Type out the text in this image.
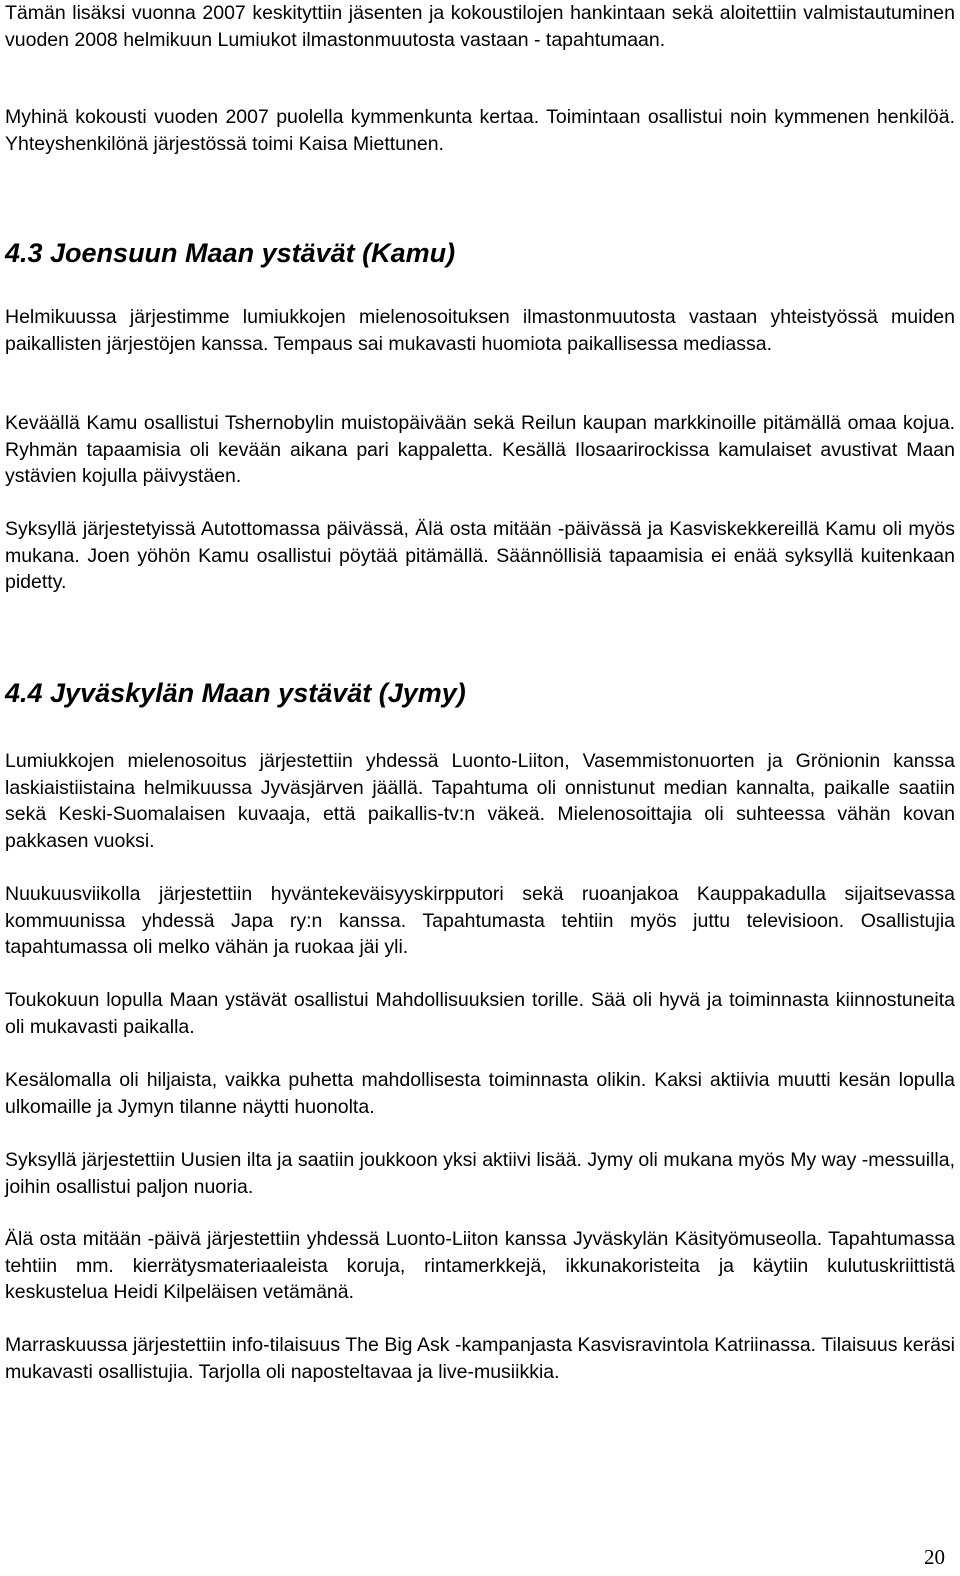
Tämän lisäksi vuonna 2007 keskityttiin jäsenten ja kokoustilojen hankintaan sekä aloitettiin valmistautuminen vuoden 2008 helmikuun Lumiukot ilmastonmuutosta vastaan - tapahtumaan.

Myhinä kokousti vuoden 2007 puolella kymmenkunta kertaa. Toimintaan osallistui noin kymmenen henkilöä. Yhteyshenkilönä järjestössä toimi Kaisa Miettunen.

4.3 Joensuun Maan ystävät (Kamu)

Helmikuussa järjestimme lumiukkojen mielenosoituksen ilmastonmuutosta vastaan yhteistyössä muiden paikallisten järjestöjen kanssa. Tempaus sai mukavasti huomiota paikallisessa mediassa.

Keväällä Kamu osallistui Tshernobylin muistopäivään sekä Reilun kaupan markkinoille pitämällä omaa kojua. Ryhmän tapaamisia oli kevään aikana pari kappaletta. Kesällä Ilosaarirockissa kamulaiset avustivat Maan ystävien kojulla päivystäen.

Syksyllä järjestetyissä Autottomassa päivässä, Älä osta mitään -päivässä ja Kasviskekkereillä Kamu oli myös mukana. Joen yöhön Kamu osallistui pöytää pitämällä. Säännöllisiä tapaamisia ei enää syksyllä kuitenkaan pidetty.

4.4 Jyväskylän Maan ystävät (Jymy)

Lumiukkojen mielenosoitus järjestettiin yhdessä Luonto-Liiton, Vasemmistonuorten ja Grönionin kanssa laskiaistiistaina helmikuussa Jyväsjärven jäällä. Tapahtuma oli onnistunut median kannalta, paikalle saatiin sekä Keski-Suomalaisen kuvaaja, että paikallis-tv:n väkeä. Mielenosoittajia oli suhteessa vähän kovan pakkasen vuoksi.

Nuukuusviikolla järjestettiin hyväntekeväisyyskirpputori sekä ruoanjakoa Kauppakadulla sijaitsevassa kommuunissa yhdessä Japa ry:n kanssa. Tapahtumasta tehtiin myös juttu televisioon. Osallistujia tapahtumassa oli melko vähän ja ruokaa jäi yli.

Toukokuun lopulla Maan ystävät osallistui Mahdollisuuksien torille. Sää oli hyvä ja toiminnasta kiinnostuneita oli mukavasti paikalla.

Kesälomalla oli hiljaista, vaikka puhetta mahdollisesta toiminnasta olikin. Kaksi aktiivia muutti kesän lopulla ulkomaille ja Jymyn tilanne näytti huonolta.

Syksyllä järjestettiin Uusien ilta ja saatiin joukkoon yksi aktiivi lisää. Jymy oli mukana myös My way -messuilla, joihin osallistui paljon nuoria.

Älä osta mitään -päivä järjestettiin yhdessä Luonto-Liiton kanssa Jyväskylän Käsityömuseolla. Tapahtumassa tehtiin mm. kierrätysmateriaaleista koruja, rintamerkkejä, ikkunakoristeita ja käytiin kulutuskriittistä keskustelua Heidi Kilpeläisen vetämänä.

Marraskuussa järjestettiin info-tilaisuus The Big Ask -kampanjasta Kasvisravintola Katriinassa. Tilaisuus keräsi mukavasti osallistujia. Tarjolla oli naposteltavaa ja live-musiikkia.

20
